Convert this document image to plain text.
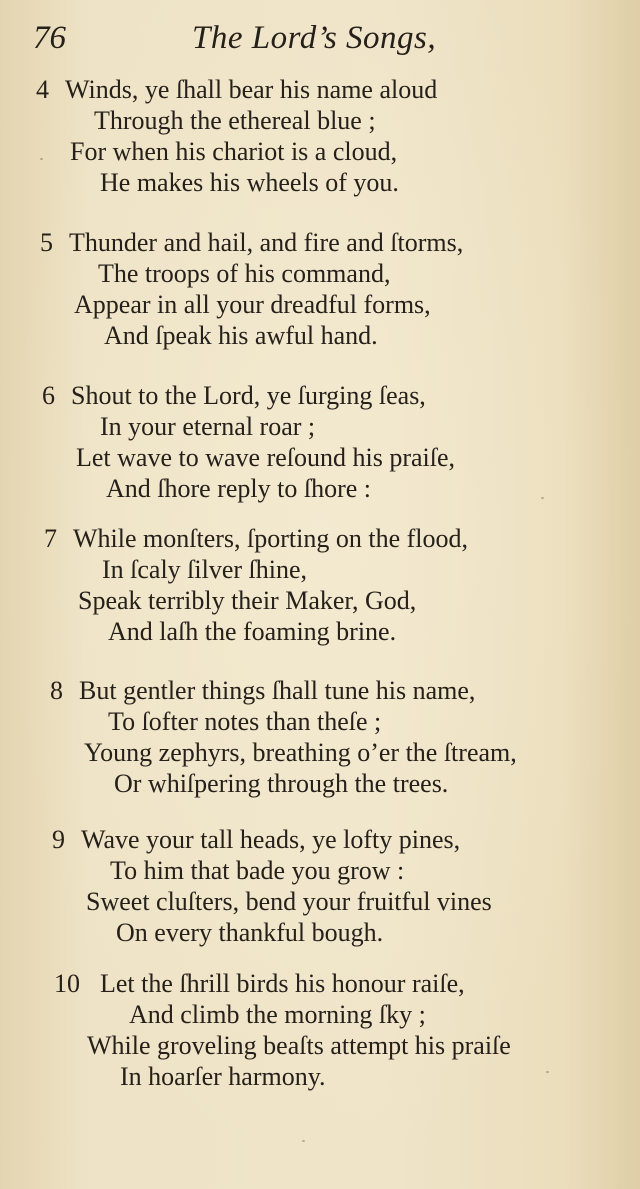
76	The Lord’s Songs,
4 Winds, ye ſhall bear his name aloud
Through the ethereal blue ;
For when his chariot is a cloud,
He makes his wheels of you.
5 Thunder and hail, and fire and ſtorms,
The troops of his command,
Appear in all your dreadful forms,
And ſpeak his awful hand.
6 Shout to the Lord, ye ſurging ſeas,
In your eternal roar ;
Let wave to wave reſound his praiſe,
And ſhore reply to ſhore :
7 While monſters, ſporting on the flood,
In ſcaly ſilver ſhine,
Speak terribly their Maker, God,
And laſh the foaming brine.
8 But gentler things ſhall tune his name,
To ſofter notes than theſe ;
Young zephyrs, breathing o’er the ſtream,
Or whiſpering through the trees.
9 Wave your tall heads, ye lofty pines,
To him that bade you grow :
Sweet cluſters, bend your fruitful vines
On every thankful bough.
10 Let the ſhrill birds his honour raiſe,
And climb the morning ſky ;
While groveling beaſts attempt his praiſe
In hoarſer harmony.
